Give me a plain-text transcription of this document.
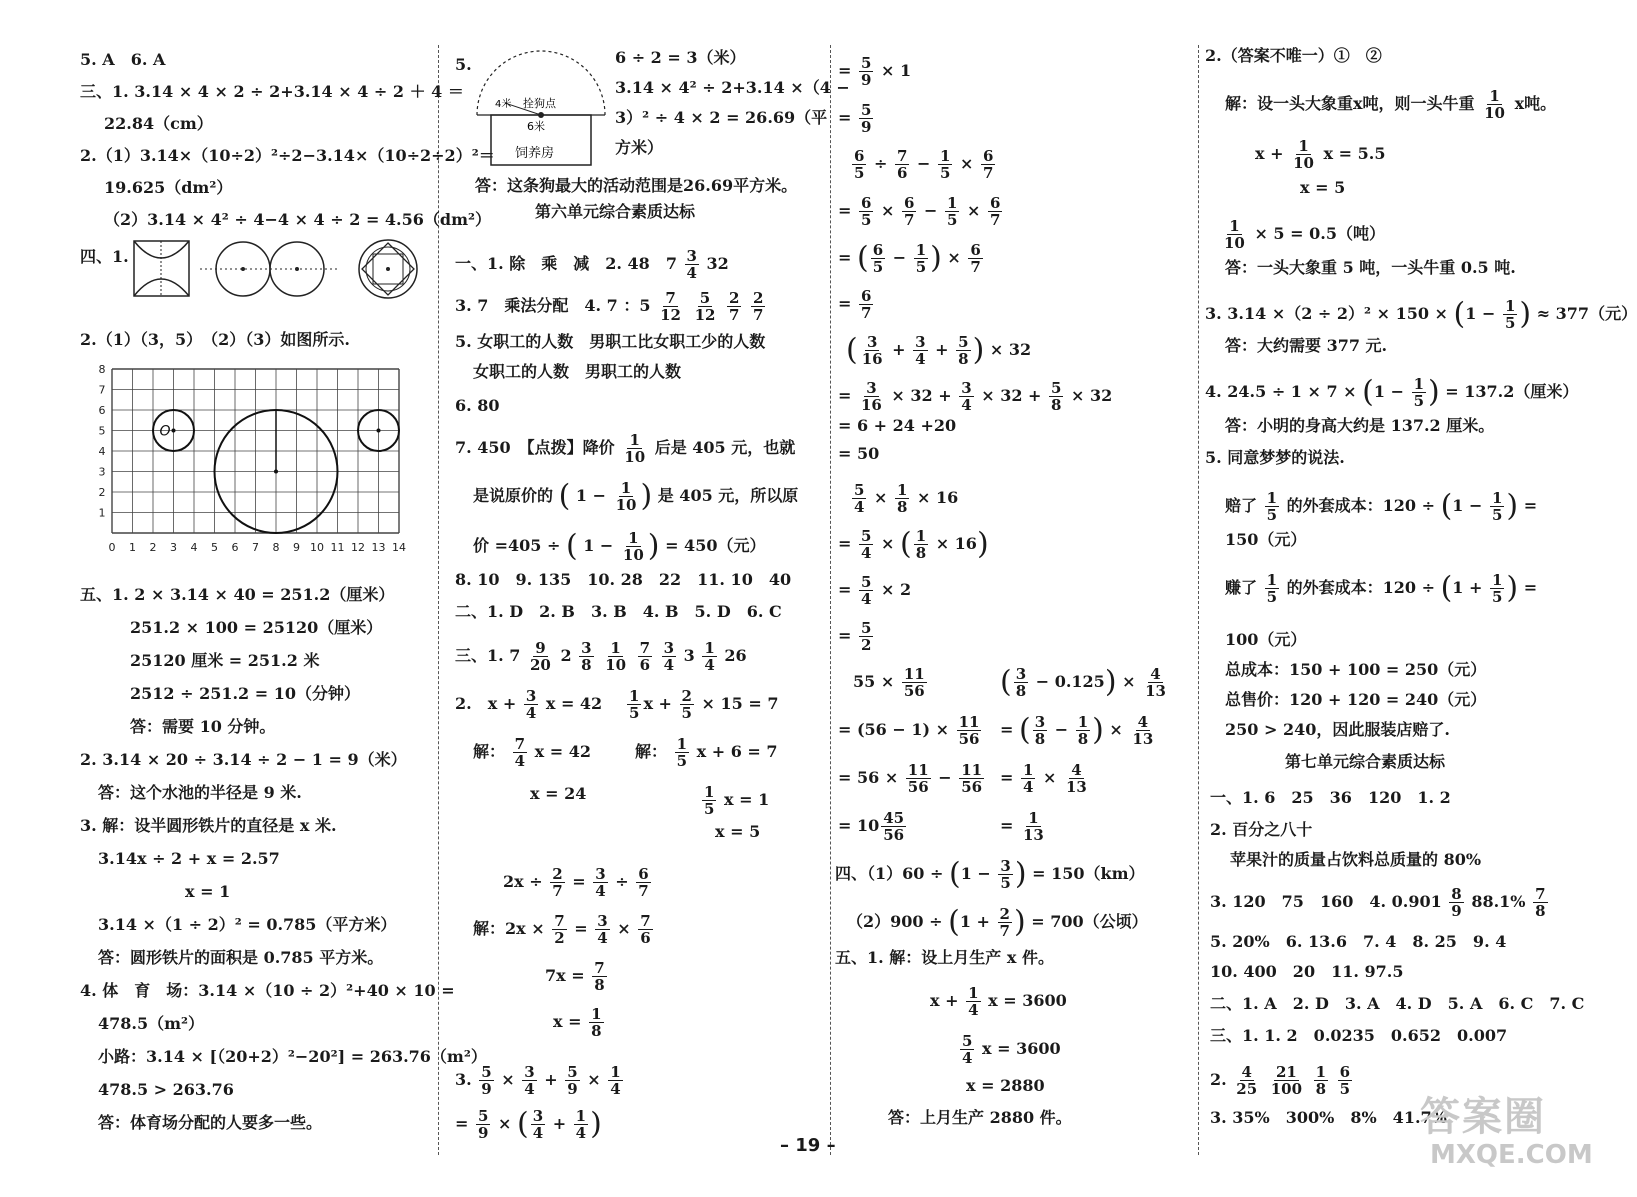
5. A　6. A
三、1. 3.14 × 4 × 2 ÷ 2+3.14 × 4 ÷ 2 ＋ 4 ＝
22.84（cm）
2.（1）3.14×（10÷2）²÷2−3.14×（10÷2÷2）²＝
19.625（dm²）
（2）3.14 × 4² ÷ 4−4 × 4 ÷ 2 = 4.56（dm²）
四、1.
2.（1）（3，5）　（2）（3）如图所示.
0 1 2 3 4 5 6 7 8 9 10 11 12 13 14
1
2
3
4
5
6
7
8
O
五、1. 2 × 3.14 × 40 = 251.2（厘米）
251.2 × 100 = 25120（厘米）
25120 厘米 = 251.2 米
2512 ÷ 251.2 = 10（分钟）
答：需要 10 分钟。
2. 3.14 × 20 ÷ 3.14 ÷ 2 − 1 = 9（米）
答：这个水池的半径是 9 米.
3. 解：设半圆形铁片的直径是 x 米.
3.14x ÷ 2 + x = 2.57
x = 1
3.14 ×（1 ÷ 2）² = 0.785（平方米）
答：圆形铁片的面积是 0.785 平方米。
4. 体　育　场：3.14 ×（10 ÷ 2）²+40 × 10 =
478.5（m²）
小路：3.14 × [（20+2）²−20²] = 263.76（m²）
478.5 > 263.76
答：体育场分配的人要多一些。
5.
4米 拴狗点
6米
饲养房
6 ÷ 2 = 3（米）
3.14 × 4² ÷ 2+3.14 ×（4 −
3）² ÷ 4 × 2 = 26.69（平
方米）
答：这条狗最大的活动范围是26.69平方米。
第六单元综合素质达标
一、1. 除　乘　减　2. 48　$7 \frac{3}{4} 32$
3. 7　乘法分配　4. 7 ：$5 \frac{7}{12}$
$\frac{5}{12}$
$\frac{2}{7}$
$\frac{2}{7}$
5. 女职工的人数　男职工比女职工少的人数
女职工的人数　男职工的人数
6. 80
7. 450　【点拨】降价 $\frac{1}{10}$ 后是 405 元，也就
是说原价的 ( $1 - \frac{1}{10}$ ) 是 405 元，所以原
价 =405 ÷ ( $1 - \frac{1}{10}$ ) = 450（元）
8. 10　9. 135　10. 28　22　11. 10　40
二、1. D　2. B　3. B　4. B　5. D　6. C
三、1. $7 \frac{9}{20} 2 \frac{3}{8}$
$\frac{1}{10}$
$\frac{7}{6}$
$\frac{3}{4} 3 \frac{1}{4} 26$
2.　$x + \frac{3}{4}$ $x = 42 \frac{1}{5}$ $x + \frac{2}{5} \times 15 = 7$
解： $\frac{7}{4}$ x = 42	解： $\frac{1}{5}$ x + 6 = 7
x = 24	$\frac{1}{5}$ x = 1
x = 5
$2x \div \frac{2}{7} = \frac{3}{4} \div \frac{6}{7}$
解：$2x \times \frac{7}{2} = \frac{3}{4} \times \frac{7}{6}$
$7x = \frac{7}{8}$
$x = \frac{1}{8}$
3. $\frac{5}{9} \times \frac{3}{4} + \frac{5}{9} \times \frac{1}{4}$
= $\frac{5}{9}$ × ( $\frac{3}{4} + \frac{1}{4}$ )
= $\frac{5}{9} \times 1$
= $\frac{5}{9}$
$\frac{6}{5} \div \frac{7}{6} - \frac{1}{5} \times \frac{6}{7}$
= $\frac{6}{5} \times \frac{6}{7} - \frac{1}{5} \times \frac{6}{7}$
= ( $\frac{6}{5} - \frac{1}{5}$ ) × $\frac{6}{7}$
= $\frac{6}{7}$
( $\frac{3}{16} + \frac{3}{4} + \frac{5}{8}$ ) × 32
= $\frac{3}{16} \times 32 + \frac{3}{4} \times 32 + \frac{5}{8} \times 32$
= 6 + 24 +20
= 50
$\frac{5}{4} \times \frac{1}{8} \times 16$
= $\frac{5}{4}$ × ( $\frac{1}{8} \times 16$)
= $\frac{5}{4} \times 2$
= $\frac{5}{2}$
$55 \times \frac{11}{56}$ ( $\frac{3}{8} - 0.125) \times \frac{4}{13}$
= $(56 - 1) \times \frac{11}{56}$ = ( $\frac{3}{8} - \frac{1}{8}$ ) × $\frac{4}{13}$
= $56 \times \frac{11}{56} - \frac{11}{56} = \frac{1}{4} \times \frac{4}{13}$
= $10 \frac{45}{56}$	= $\frac{1}{13}$
四、$(1)60 \div (1 - \frac{3}{5}$ ) = 150（km）
$(2)900 \div (1 + \frac{2}{7}$ ) = 700（公顷）
五、1. 解：设上月生产 x 件。
$x + \frac{1}{4}$ x = 3600
$\frac{5}{4}$ x = 3600
x = 2880
答：上月生产 2880 件。
2.（答案不唯一）①　②
解：设一头大象重x吨，则一头牛重 $\frac{1}{10}$ x吨。
$x + \frac{1}{10}$ x = 5.5
x = 5
$\frac{1}{10} \times 5 = 0.5$（吨）
答：一头大象重 5 吨，一头牛重 0.5 吨.
3. $3.14 \times(2 \div 2)^2 \times 150 \times (1 - \frac{1}{5}$ ) ≈ 377（元）
答：大约需要 377 元.
4. $24.5 \div 1 \times 7 \times (1 - \frac{1}{5}$ ) = 137.2（厘米）
答：小明的身高大约是 137.2 厘米。
5. 同意梦梦的说法.
赔了 $\frac{1}{5}$ 的外套成本：$120 \div (1 - \frac{1}{5}$ ) =
150（元）
赚了 $\frac{1}{5}$ 的外套成本：$120 \div (1 + \frac{1}{5}$ ) =
100（元）
总成本：150 + 100 = 250（元）
总售价：120 + 120 = 240（元）
250 > 240，因此服装店赔了.
第七单元综合素质达标
一、1. 6　25　36　120　1. 2
2. 百分之八十
苹果汁的质量占饮料总质量的 80%
3. 120　75　160　4. $0.901 \frac{8}{9} 88.1\% \frac{7}{8}$
5. 20%　6. 13.6　7. 4　8. 25　9. 4
10. 400　20　11. 97.5
二、1. A　2. D　3. A　4. D　5. A　6. C　7. C
三、1. 1. 2　0.0235　0.652　0.007
2. $\frac{4}{25}$
$\frac{21}{100}$
$\frac{1}{8}$
$\frac{6}{5}$
3. 35%　300%　8%　41.7%
– 19 –
答案圈
MXQE.COM
